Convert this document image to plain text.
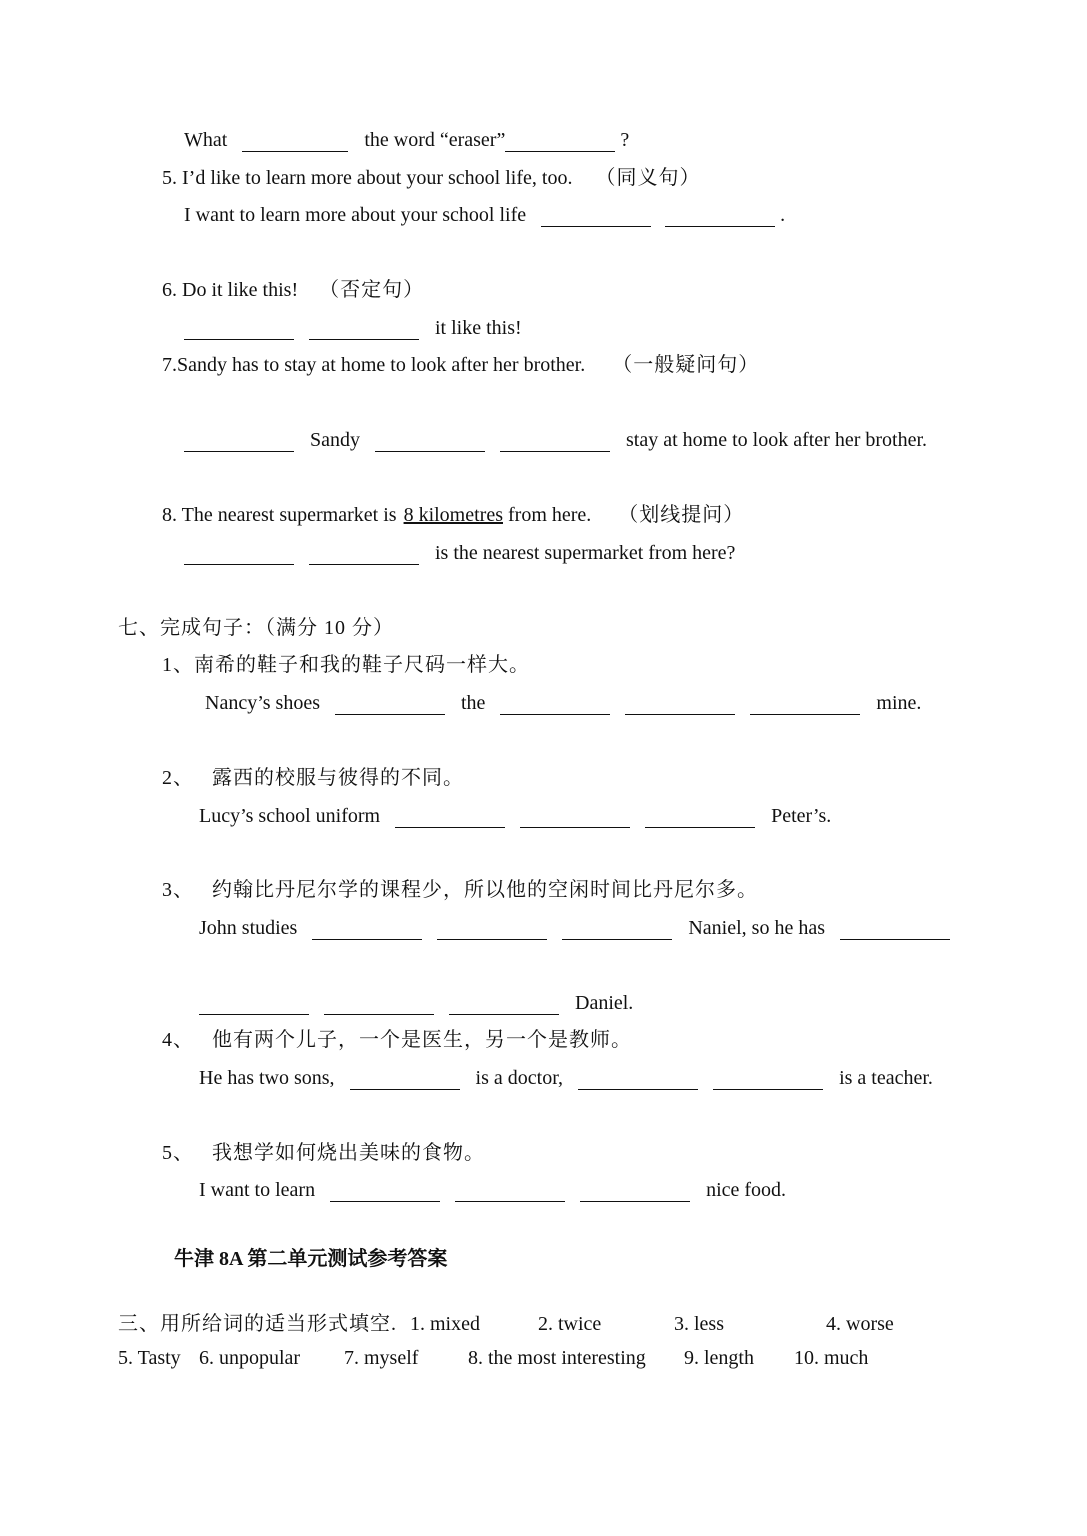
What	the word “eraser”	?
5. I’d like to learn more about your school life, too. （同义句）
I want to learn more about your school life	.
6. Do it like this! （否定句）
it like this!
7.Sandy has to stay at home to look after her brother. （一般疑问句）
Sandy	stay at home to look after her brother.
8. The nearest supermarket is 8 kilometres from here. （划线提问）
is the nearest supermarket from here?
七、完成句子：（满分 10 分）
1、南希的鞋子和我的鞋子尺码一样大。
Nancy’s shoes	the	mine.
2、 露西的校服与彼得的不同。
Lucy’s school uniform	Peter’s.
3、 约翰比丹尼尔学的课程少，所以他的空闲时间比丹尼尔多。
John studies	Naniel, so he has
Daniel.
4、 他有两个儿子，一个是医生，另一个是教师。
He has two sons,	is a doctor,	is a teacher.
5、 我想学如何烧出美味的食物。
I want to learn	nice food.
牛津 8A 第二单元测试参考答案
三、用所给词的适当形式填空. 1. mixed	2. twice	3. less	4. worse
5. Tasty 6. unpopular 7. myself 8. the most interesting 9. length 10. much
